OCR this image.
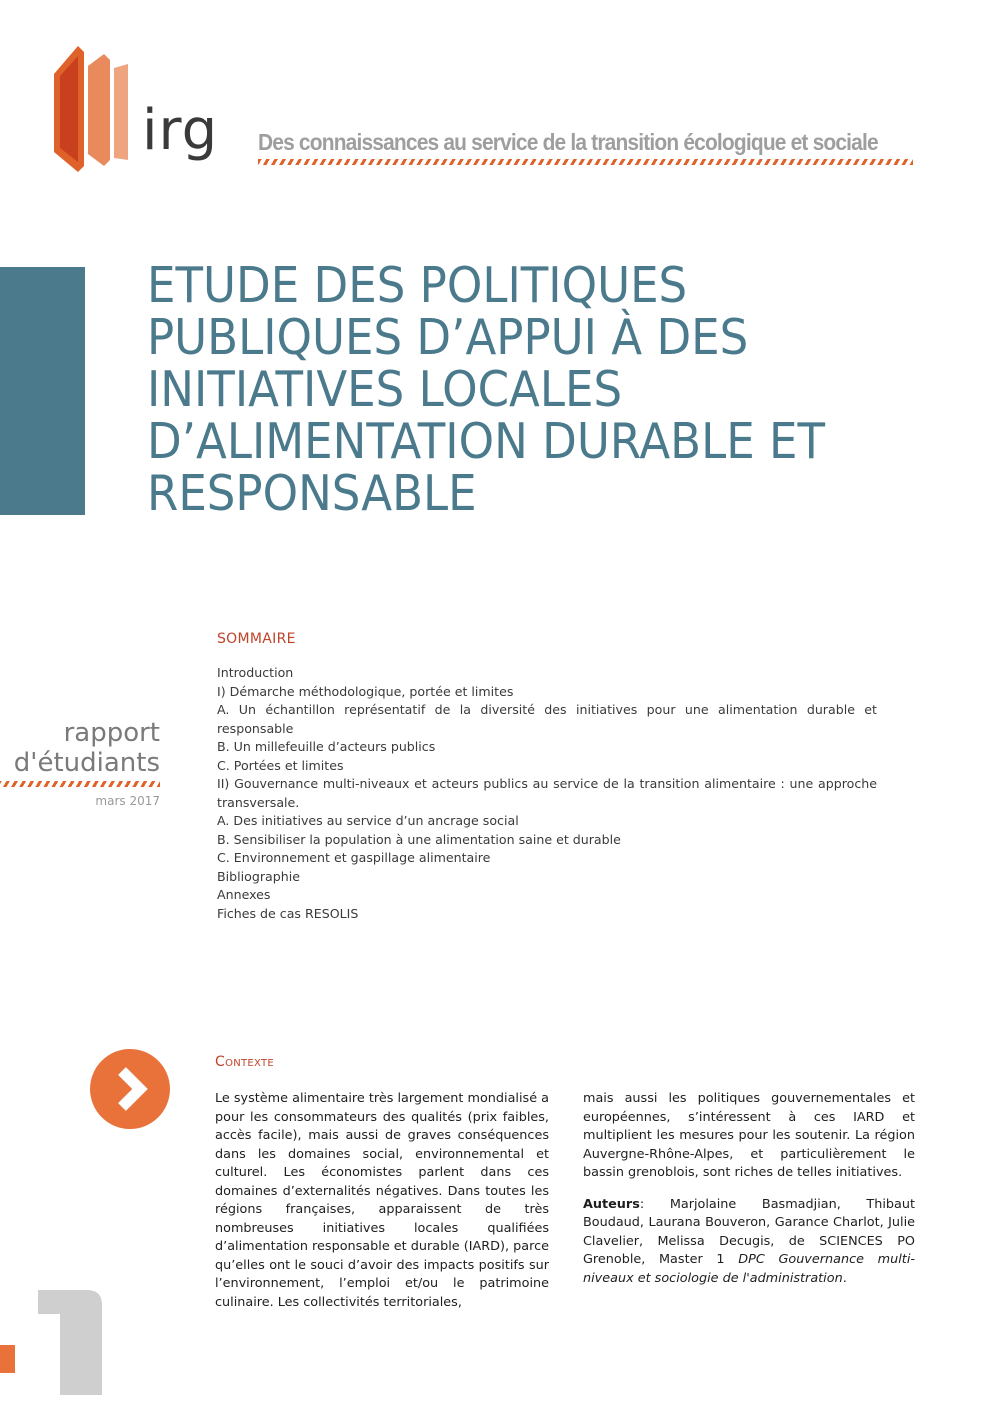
irg Des connaissances au service de la transition écologique et sociale
ETUDE DES POLITIQUES PUBLIQUES D’APPUI À DES INITIATIVES LOCALES D’ALIMENTATION DURABLE ET RESPONSABLE
rapport
d'étudiants
mars 2017
SOMMAIRE
Introduction
I) Démarche méthodologique, portée et limites
A. Un échantillon représentatif de la diversité des initiatives pour une alimentation durable et responsable
B. Un millefeuille d’acteurs publics
C. Portées et limites
II) Gouvernance multi-niveaux et acteurs publics au service de la transition alimentaire : une approche transversale.
A. Des initiatives au service d’un ancrage social
B. Sensibiliser la population à une alimentation saine et durable
C. Environnement et gaspillage alimentaire
Bibliographie
Annexes
Fiches de cas RESOLIS
Contexte

Le système alimentaire très largement mondialisé a pour les consommateurs des qualités (prix faibles, accès facile), mais aussi de graves conséquences dans les domaines social, environnemental et culturel. Les économistes parlent dans ces domaines d’externalités négatives. Dans toutes les régions françaises, apparaissent de très nombreuses initiatives locales qualifiées d’alimentation responsable et durable (IARD), parce qu’elles ont le souci d’avoir des impacts positifs sur l’environnement, l’emploi et/ou le patrimoine culinaire. Les collectivités territoriales,

mais aussi les politiques gouvernementales et européennes, s’intéressent à ces IARD et multiplient les mesures pour les soutenir. La région Auvergne-Rhône-Alpes, et particulièrement le bassin grenoblois, sont riches de telles initiatives.

Auteurs: Marjolaine Basmadjian, Thibaut Boudaud, Laurana Bouveron, Garance Charlot, Julie Clavelier, Melissa Decugis, de SCIENCES PO Grenoble, Master 1 DPC Gouvernance multi-niveaux et sociologie de l'administration.

1
